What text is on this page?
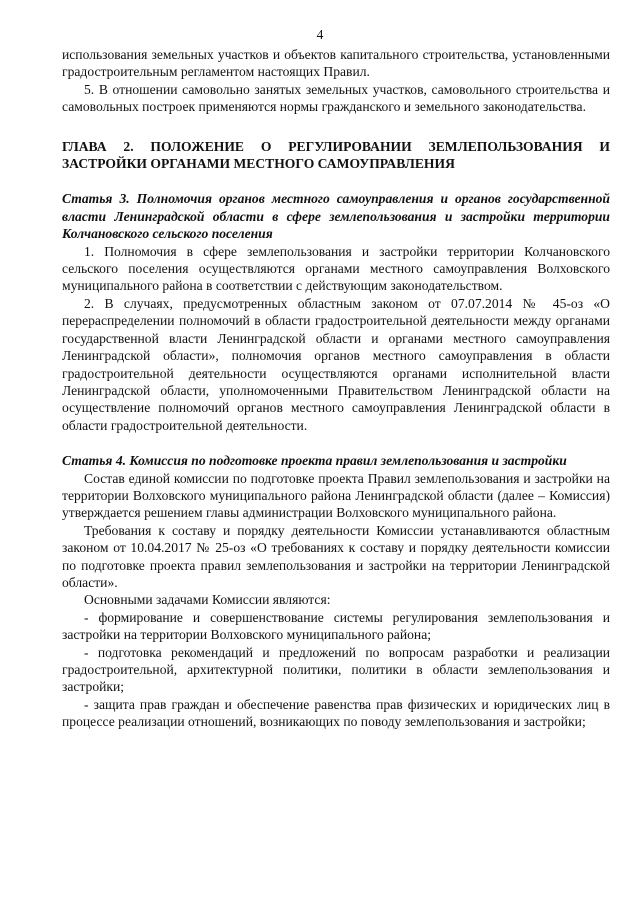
4

использования земельных участков и объектов капитального строительства, установленными градостроительным регламентом настоящих Правил.

5. В отношении самовольно занятых земельных участков, самовольного строительства и самовольных построек применяются нормы гражданского и земельного законодательства.

ГЛАВА 2. ПОЛОЖЕНИЕ О РЕГУЛИРОВАНИИ ЗЕМЛЕПОЛЬЗОВАНИЯ И ЗАСТРОЙКИ ОРГАНАМИ МЕСТНОГО САМОУПРАВЛЕНИЯ

Статья 3. Полномочия органов местного самоуправления и органов государственной власти Ленинградской области в сфере землепользования и застройки территории Колчановского сельского поселения

1. Полномочия в сфере землепользования и застройки территории Колчановского сельского поселения осуществляются органами местного самоуправления Волховского муниципального района в соответствии с действующим законодательством.

2. В случаях, предусмотренных областным законом от 07.07.2014 № 45-оз «О перераспределении полномочий в области градостроительной деятельности между органами государственной власти Ленинградской области и органами местного самоуправления Ленинградской области», полномочия органов местного самоуправления в области градостроительной деятельности осуществляются органами исполнительной власти Ленинградской области, уполномоченными Правительством Ленинградской области на осуществление полномочий органов местного самоуправления Ленинградской области в области градостроительной деятельности.

Статья 4. Комиссия по подготовке проекта правил землепользования и застройки

Состав единой комиссии по подготовке проекта Правил землепользования и застройки на территории Волховского муниципального района Ленинградской области (далее – Комиссия) утверждается решением главы администрации Волховского муниципального района.

Требования к составу и порядку деятельности Комиссии устанавливаются областным законом от 10.04.2017 № 25-оз «О требованиях к составу и порядку деятельности комиссии по подготовке проекта правил землепользования и застройки на территории Ленинградской области».

Основными задачами Комиссии являются:

- формирование и совершенствование системы регулирования землепользования и застройки на территории Волховского муниципального района;

- подготовка рекомендаций и предложений по вопросам разработки и реализации градостроительной, архитектурной политики, политики в области землепользования и застройки;

- защита прав граждан и обеспечение равенства прав физических и юридических лиц в процессе реализации отношений, возникающих по поводу землепользования и застройки;
